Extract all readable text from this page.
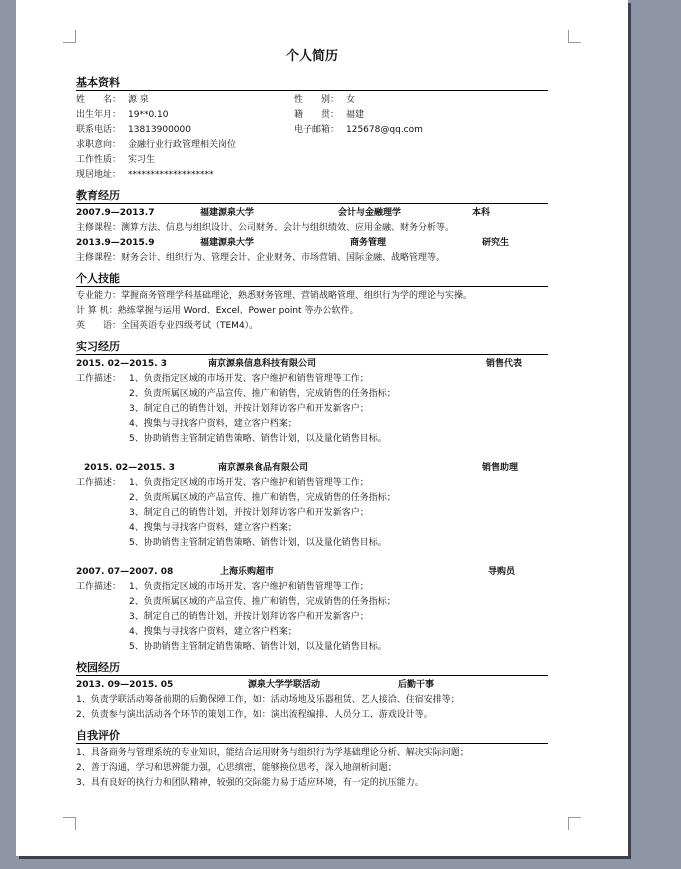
个人简历
基本资料
姓　　名： 源 泉	性　　别： 女
出生年月： 19**0.10	籍　　贯： 福建
联系电话： 13813900000	电子邮箱： 125678@qq.com
求职意向： 金融行业行政管理相关岗位
工作性质： 实习生
现居地址： *******************
教育经历
2007.9—2013.7	福建源泉大学	会计与金融理学	本科
主修课程：测算方法、信息与组织设计、公司财务、会计与组织绩效、应用金融、财务分析等。
2013.9—2015.9	福建源泉大学	商务管理	研究生
主修课程：财务会计、组织行为、管理会计、企业财务、市场营销、国际金融、战略管理等。
个人技能
专业能力：掌握商务管理学科基础理论，熟悉财务管理、营销战略管理、组织行为学的理论与实操。
计 算 机：熟练掌握与运用 Word、Excel、Power point 等办公软件。
英　　语：全国英语专业四级考试（TEM4）。
实习经历
2015. 02—2015. 3	南京源泉信息科技有限公司	销售代表
工作描述： 1、负责指定区域的市场开发、客户维护和销售管理等工作；
2、负责所属区域的产品宣传、推广和销售，完成销售的任务指标；
3、制定自己的销售计划，并按计划拜访客户和开发新客户；
4、搜集与寻找客户资料，建立客户档案；
5、协助销售主管制定销售策略、销售计划，以及量化销售目标。
2015. 02—2015. 3	南京源泉食品有限公司	销售助理
工作描述： 1、负责指定区域的市场开发、客户维护和销售管理等工作；
2、负责所属区域的产品宣传、推广和销售，完成销售的任务指标；
3、制定自己的销售计划，并按计划拜访客户和开发新客户；
4、搜集与寻找客户资料，建立客户档案；
5、协助销售主管制定销售策略、销售计划，以及量化销售目标。
2007. 07—2007. 08	上海乐购超市	导购员
工作描述： 1、负责指定区域的市场开发、客户维护和销售管理等工作；
2、负责所属区域的产品宣传、推广和销售，完成销售的任务指标；
3、制定自己的销售计划，并按计划拜访客户和开发新客户；
4、搜集与寻找客户资料，建立客户档案；
5、协助销售主管制定销售策略、销售计划，以及量化销售目标。
校园经历
2013. 09—2015. 05	源泉大学学联活动	后勤干事
1、负责学联活动筹备前期的后勤保障工作，如：活动场地及乐器租赁、艺人接洽、住宿安排等；
2、负责参与演出活动各个环节的策划工作，如：演出流程编排、人员分工、游戏设计等。
自我评价
1、具备商务与管理系统的专业知识，能结合运用财务与组织行为学基础理论分析、解决实际问题；
2、善于沟通，学习和思辨能力强，心思缜密，能够换位思考，深入地剖析问题；
3、具有良好的执行力和团队精神，较强的交际能力易于适应环境，有一定的抗压能力。
